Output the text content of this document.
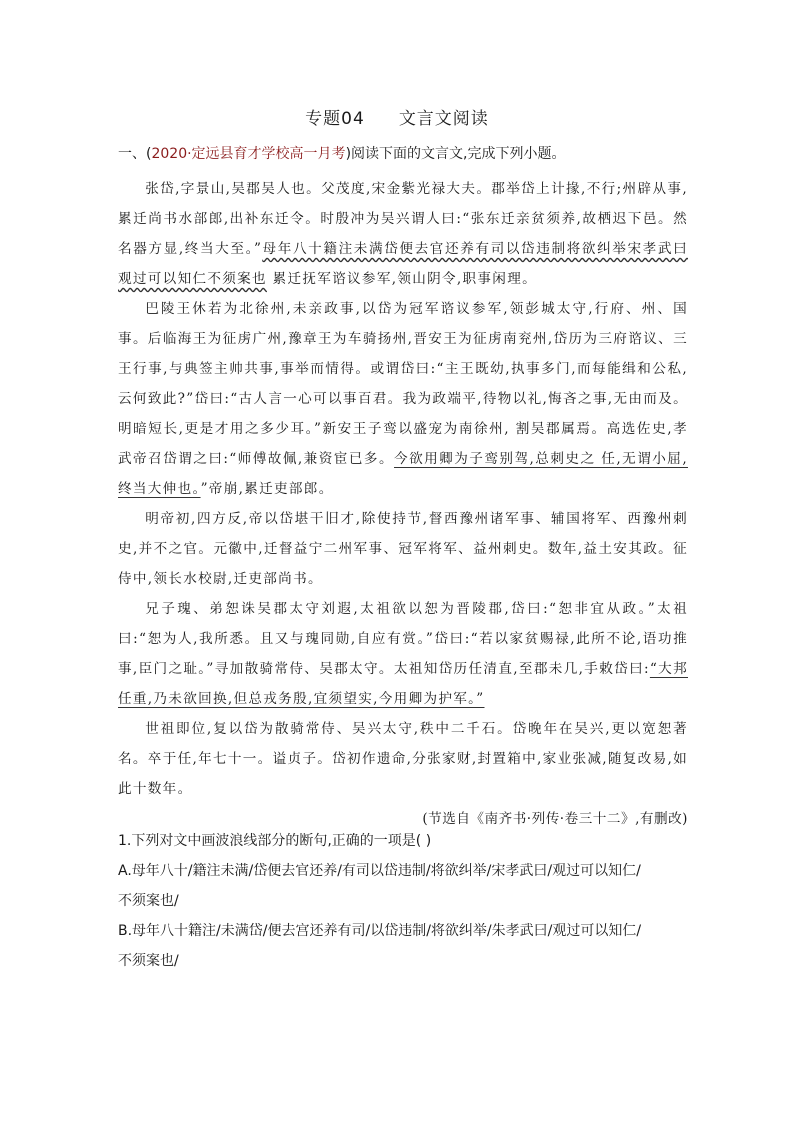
专题04 文言文阅读
一、(2020·定远县育才学校高一月考)阅读下面的文言文,完成下列小题。

张岱,字景山,吴郡吴人也。父茂度,宋金紫光禄大夫。郡举岱上计掾,不行;州辟从事,累迁尚书水部郎,出补东迁令。时殷冲为吴兴谓人曰:“张东迁亲贫须养,故栖迟下邑。然名器方显,终当大至。”母年八十籍注未满岱便去官还养有司以岱违制将欲纠举宋孝武曰观过可以知仁不须案也 累迁抚军谘议参军,领山阴令,职事闲理。

巴陵王休若为北徐州,未亲政事,以岱为冠军谘议参军,领彭城太守,行府、州、国事。后临海王为征虏广州,豫章王为车骑扬州,晋安王为征虏南兖州,岱历为三府谘议、三王行事,与典签主帅共事,事举而情得。或谓岱曰:“主王既幼,执事多门,而每能缉和公私,云何致此?”岱曰:“古人言一心可以事百君。我为政端平,待物以礼,悔吝之事,无由而及。明暗短长,更是才用之多少耳。”新安王子鸾以盛宠为南徐州, 割吴郡属焉。高选佐史,孝武帝召岱谓之曰:“师傅故佩,兼资宦已多。今欲用卿为子鸾别驾,总刺史之 任,无谓小屈,终当大伸也。”帝崩,累迁吏部郎。

明帝初,四方反,帝以岱堪干旧才,除使持节,督西豫州诸军事、辅国将军、西豫州刺史,并不之官。元徽中,迁督益宁二州军事、冠军将军、益州刺史。数年,益土安其政。征侍中,领长水校尉,迁吏部尚书。

兄子瑰、弟恕诛吴郡太守刘遐,太祖欲以恕为晋陵郡,岱曰:“恕非宜从政。”太祖曰:“恕为人,我所悉。且又与瑰同勋,自应有赏。”岱曰:“若以家贫赐禄,此所不论,语功推事,臣门之耻。”寻加散骑常侍、吴郡太守。太祖知岱历任清直,至郡未几,手敕岱曰:“大邦任重,乃未欲回换,但总戎务殷,宜须望实,今用卿为护军。”

世祖即位,复以岱为散骑常侍、吴兴太守,秩中二千石。岱晚年在吴兴,更以宽恕著名。卒于任,年七十一。谥贞子。岱初作遗命,分张家财,封置箱中,家业张减,随复改易,如此十数年。

(节选自《南齐书·列传·卷三十二》,有删改)

1.下列对文中画波浪线部分的断句,正确的一项是( )
A.母年八十/籍注未满/岱便去官还养/有司以岱违制/将欲纠举/宋孝武曰/观过可以知仁/
不须案也/
B.母年八十籍注/未满岱/便去宫还养有司/以岱违制/将欲纠举/朱孝武曰/观过可以知仁/
不须案也/
